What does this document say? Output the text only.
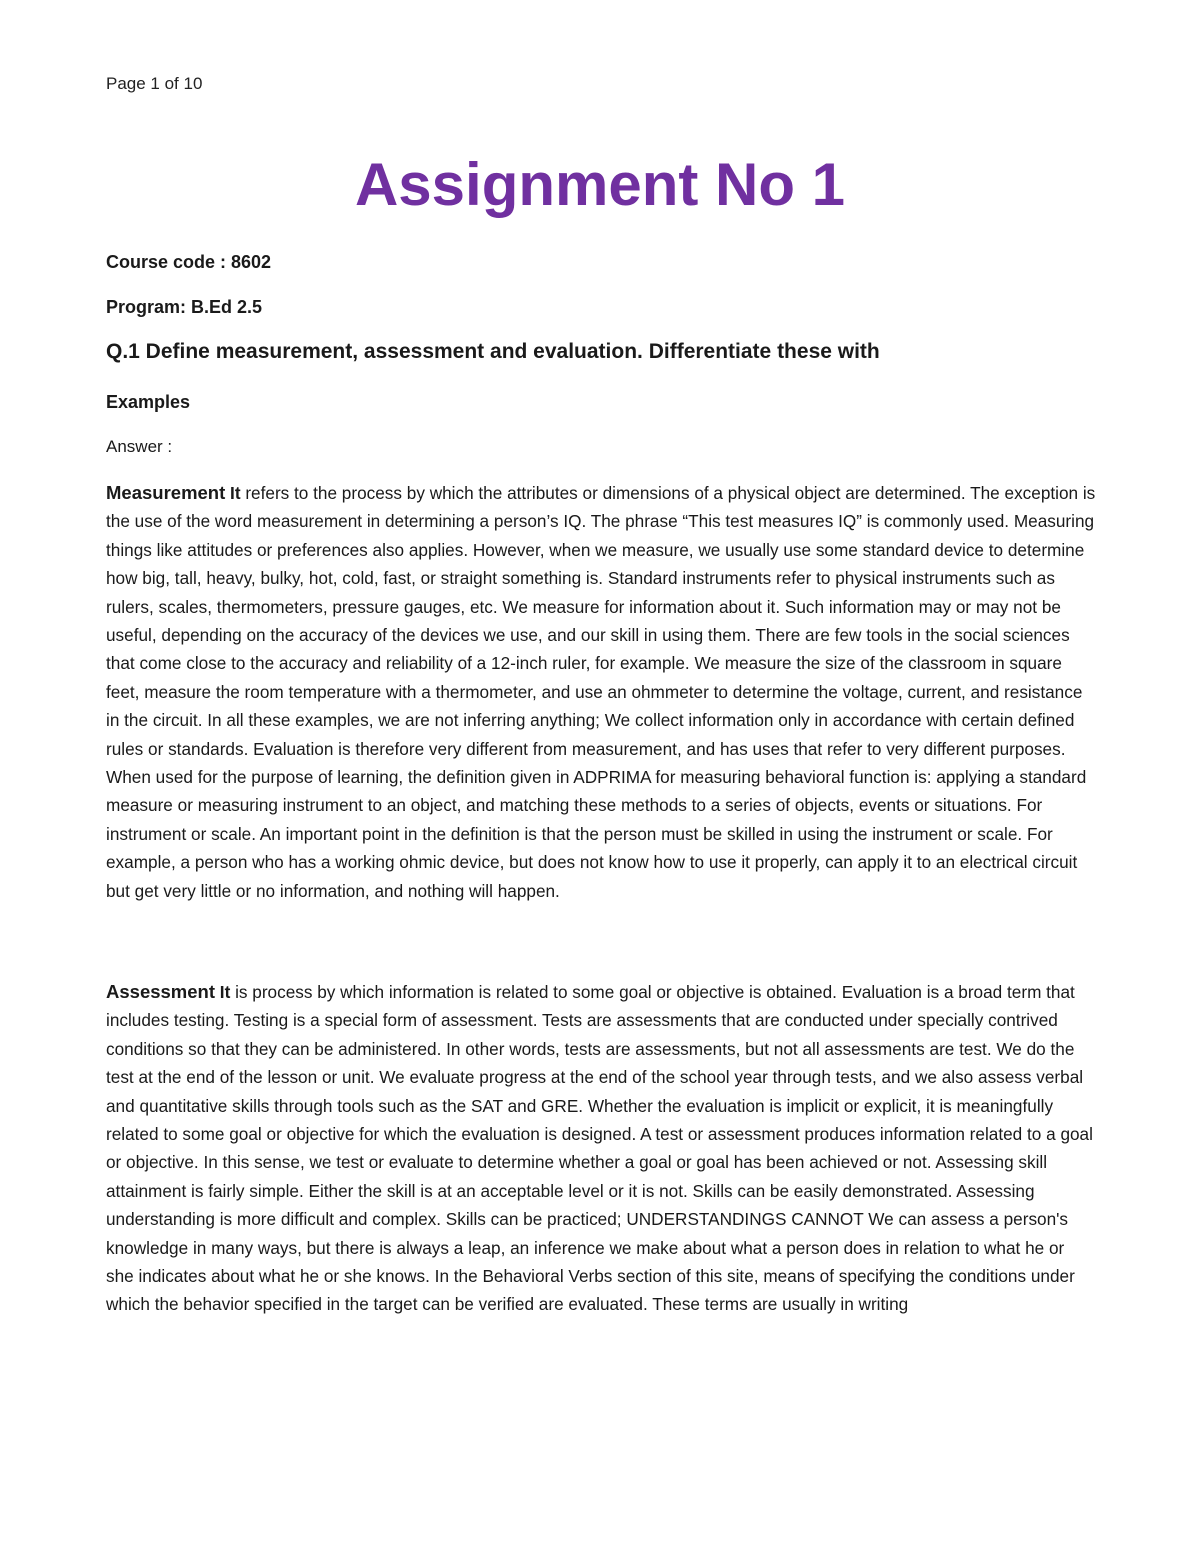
Page 1 of 10
Assignment No 1
Course code : 8602
Program: B.Ed 2.5
Q.1 Define measurement, assessment and evaluation. Differentiate these with
Examples
Answer :
Measurement It refers to the process by which the attributes or dimensions of a physical object are determined. The exception is the use of the word measurement in determining a person’s IQ. The phrase “This test measures IQ” is commonly used. Measuring things like attitudes or preferences also applies. However, when we measure, we usually use some standard device to determine how big, tall, heavy, bulky, hot, cold, fast, or straight something is. Standard instruments refer to physical instruments such as rulers, scales, thermometers, pressure gauges, etc. We measure for information about it. Such information may or may not be useful, depending on the accuracy of the devices we use, and our skill in using them. There are few tools in the social sciences that come close to the accuracy and reliability of a 12-inch ruler, for example. We measure the size of the classroom in square feet, measure the room temperature with a thermometer, and use an ohmmeter to determine the voltage, current, and resistance in the circuit. In all these examples, we are not inferring anything; We collect information only in accordance with certain defined rules or standards. Evaluation is therefore very different from measurement, and has uses that refer to very different purposes. When used for the purpose of learning, the definition given in ADPRIMA for measuring behavioral function is: applying a standard measure or measuring instrument to an object, and matching these methods to a series of objects, events or situations. For instrument or scale. An important point in the definition is that the person must be skilled in using the instrument or scale. For example, a person who has a working ohmic device, but does not know how to use it properly, can apply it to an electrical circuit but get very little or no information, and nothing will happen.
Assessment It is process by which information is related to some goal or objective is obtained. Evaluation is a broad term that includes testing. Testing is a special form of assessment. Tests are assessments that are conducted under specially contrived conditions so that they can be administered. In other words, tests are assessments, but not all assessments are test. We do the test at the end of the lesson or unit. We evaluate progress at the end of the school year through tests, and we also assess verbal and quantitative skills through tools such as the SAT and GRE. Whether the evaluation is implicit or explicit, it is meaningfully related to some goal or objective for which the evaluation is designed. A test or assessment produces information related to a goal or objective. In this sense, we test or evaluate to determine whether a goal or goal has been achieved or not. Assessing skill attainment is fairly simple. Either the skill is at an acceptable level or it is not. Skills can be easily demonstrated. Assessing understanding is more difficult and complex. Skills can be practiced; UNDERSTANDINGS CANNOT We can assess a person's knowledge in many ways, but there is always a leap, an inference we make about what a person does in relation to what he or she indicates about what he or she knows. In the Behavioral Verbs section of this site, means of specifying the conditions under which the behavior specified in the target can be verified are evaluated. These terms are usually in writing
